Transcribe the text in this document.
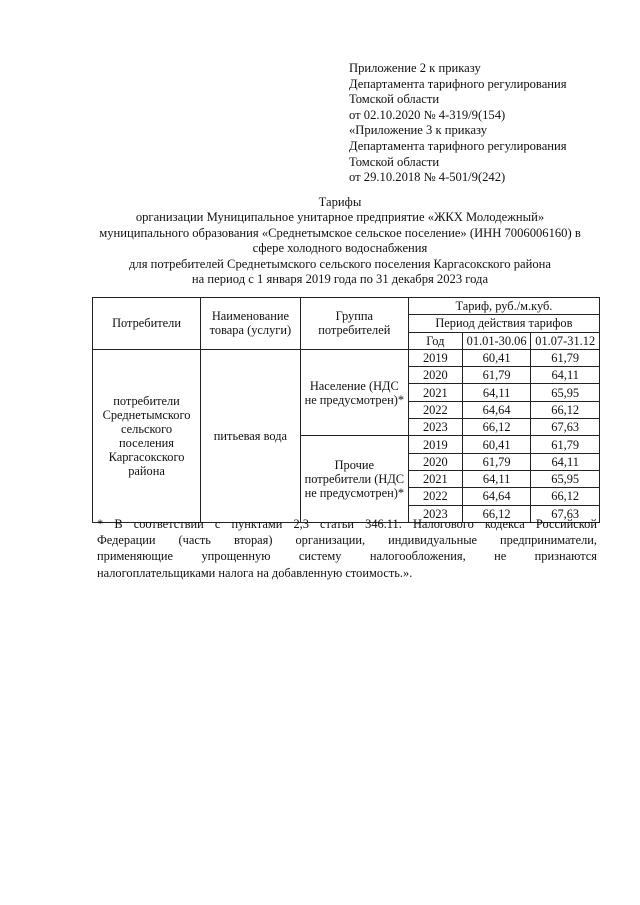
Приложение 2 к приказу
Департамента тарифного регулирования
Томской области
от 02.10.2020 № 4-319/9(154)
«Приложение 3 к приказу
Департамента тарифного регулирования
Томской области
от 29.10.2018 № 4-501/9(242)
Тарифы
организации Муниципальное унитарное предприятие «ЖКХ Молодежный»
муниципального образования «Среднетымское сельское поселение» (ИНН 7006006160) в
сфере холодного водоснабжения
для потребителей Среднетымского сельского поселения Каргасокского района
на период с 1 января 2019 года по 31 декабря 2023 года
Потребители	Наименование товара (услуги)	Группа потребителей	Тариф, руб./м.куб.		
			Период действия тарифов		
			Год	01.01-30.06	01.07-31.12
потребители Среднетымского сельского поселения Каргасокского района	питьевая вода	Население (НДС не предусмотрен)*	2019	60,41	61,79
			2020	61,79	64,11
			2021	64,11	65,95
			2022	64,64	66,12
			2023	66,12	67,63
		Прочие потребители (НДС не предусмотрен)*	2019	60,41	61,79
			2020	61,79	64,11
			2021	64,11	65,95
			2022	64,64	66,12
			2023	66,12	67,63
* В соответствии с пунктами 2,3 статьи 346.11. Налогового кодекса Российской
Федерации (часть вторая) организации, индивидуальные предприниматели,
применяющие упрощенную систему налогообложения, не признаются
налогоплательщиками налога на добавленную стоимость.».
